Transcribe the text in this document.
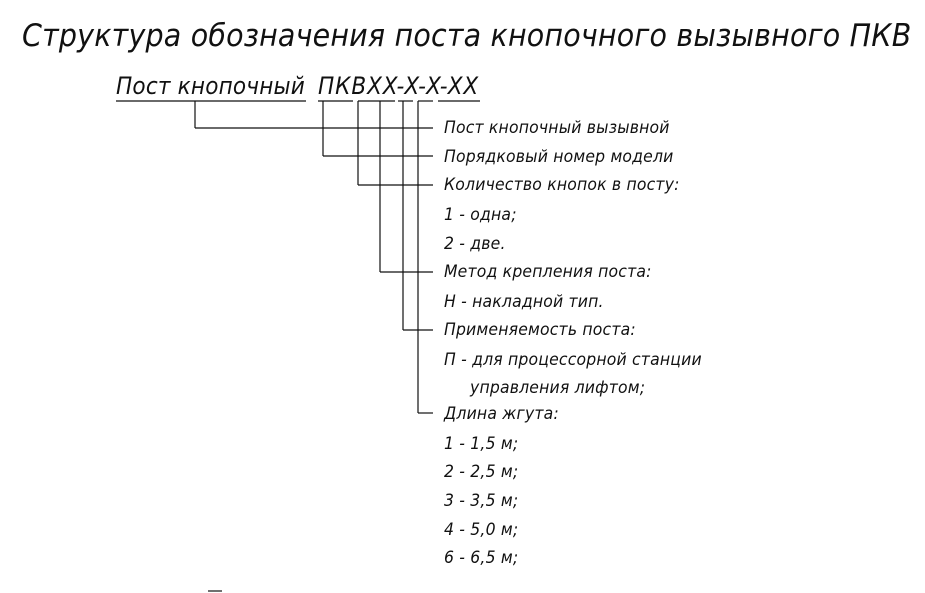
Структура обозначения поста кнопочного вызывного ПКВ
Пост кнопочный ПКВXX-X-X-XX
Пост кнопочный вызывной
Порядковый номер модели
Количество кнопок в посту:
1 - одна;
2 - две.
Метод крепления поста:
Н - накладной тип.
Применяемость поста:
П - для процессорной станции
управления лифтом;
Длина жгута:
1 - 1,5 м;
2 - 2,5 м;
3 - 3,5 м;
4 - 5,0 м;
6 - 6,5 м;
